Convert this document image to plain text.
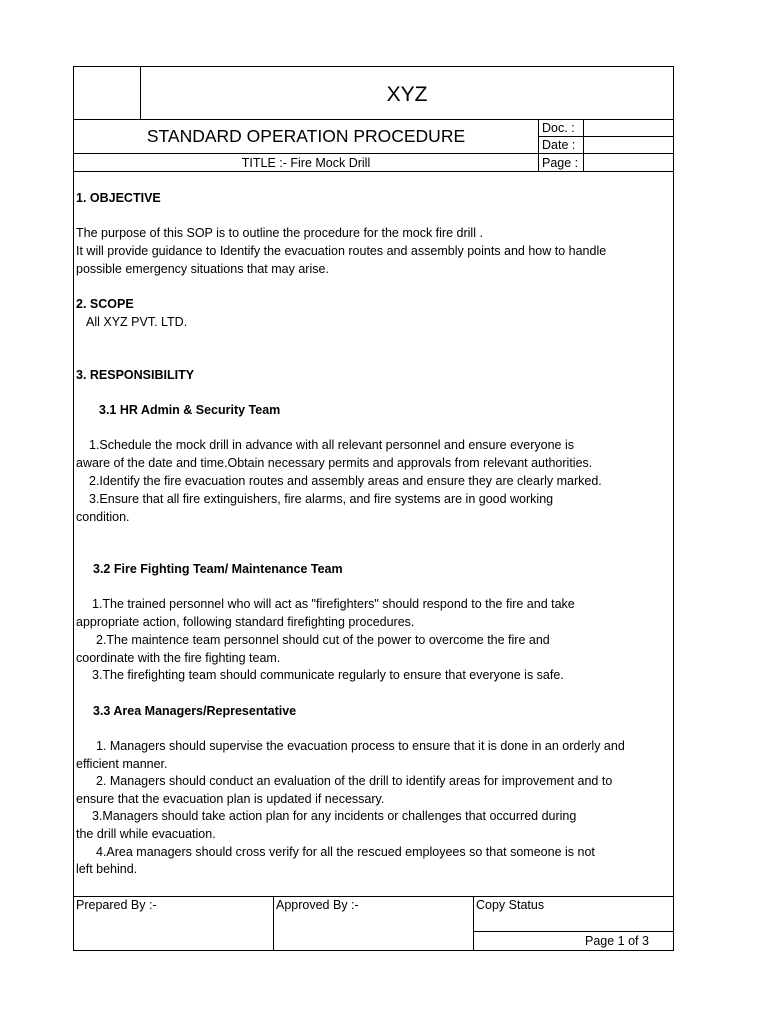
XYZ
STANDARD OPERATION PROCEDURE
TITLE :- Fire Mock Drill
Doc. :
Date :
Page :
1. OBJECTIVE
The purpose of this SOP is to outline the procedure for the mock fire drill .
It will provide guidance to Identify the evacuation routes and assembly points and how to handle
possible emergency situations that may arise.
2. SCOPE
All XYZ PVT. LTD.
3. RESPONSIBILITY
3.1 HR Admin & Security Team
1.Schedule the mock drill in advance with all relevant personnel and ensure everyone is
aware of the date and time.Obtain necessary permits and approvals from relevant authorities.
2.Identify the fire evacuation routes and assembly areas and ensure they are clearly marked.
3.Ensure that all fire extinguishers, fire alarms, and fire systems are in good working
condition.
3.2 Fire Fighting Team/ Maintenance Team
1.The trained personnel who will act as "firefighters" should respond to the fire and take
appropriate action, following standard firefighting procedures.
2.The maintence team personnel should cut of the power to overcome the fire and
coordinate with the fire fighting team.
3.The firefighting team should communicate regularly to ensure that everyone is safe.
3.3 Area Managers/Representative
1. Managers should supervise the evacuation process to ensure that it is done in an orderly and
efficient manner.
2. Managers should conduct an evaluation of the drill to identify areas for improvement and to
ensure that the evacuation plan is updated if necessary.
3.Managers should take action plan for any incidents or challenges that occurred during
the drill while evacuation.
4.Area managers should cross verify for all the rescued employees so that someone is not
left behind.
Prepared By :-	Approved By :-	Copy Status
Page 1 of 3
